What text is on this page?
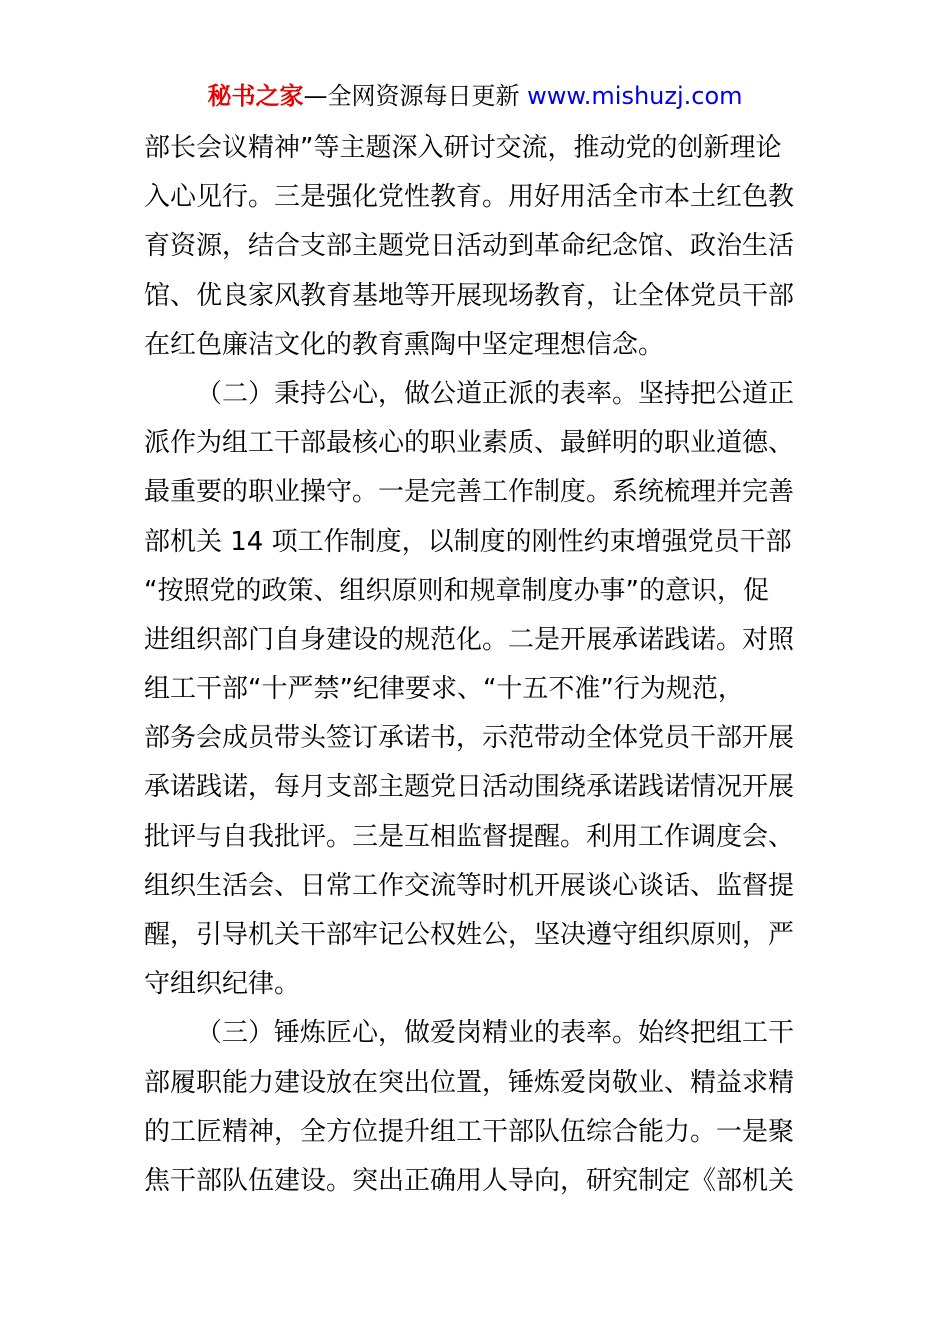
秘书之家—全网资源每日更新 www.mishuzj.com
部长会议精神”等主题深入研讨交流，推动党的创新理论
入心见行。三是强化党性教育。用好用活全市本土红色教
育资源，结合支部主题党日活动到革命纪念馆、政治生活
馆、优良家风教育基地等开展现场教育，让全体党员干部
在红色廉洁文化的教育熏陶中坚定理想信念。
（二）秉持公心，做公道正派的表率。坚持把公道正
派作为组工干部最核心的职业素质、最鲜明的职业道德、
最重要的职业操守。一是完善工作制度。系统梳理并完善
部机关 14 项工作制度，以制度的刚性约束增强党员干部
“按照党的政策、组织原则和规章制度办事”的意识，促
进组织部门自身建设的规范化。二是开展承诺践诺。对照
组工干部“十严禁”纪律要求、“十五不准”行为规范，
部务会成员带头签订承诺书，示范带动全体党员干部开展
承诺践诺，每月支部主题党日活动围绕承诺践诺情况开展
批评与自我批评。三是互相监督提醒。利用工作调度会、
组织生活会、日常工作交流等时机开展谈心谈话、监督提
醒，引导机关干部牢记公权姓公，坚决遵守组织原则，严
守组织纪律。
（三）锤炼匠心，做爱岗精业的表率。始终把组工干
部履职能力建设放在突出位置，锤炼爱岗敬业、精益求精
的工匠精神，全方位提升组工干部队伍综合能力。一是聚
焦干部队伍建设。突出正确用人导向，研究制定《部机关
